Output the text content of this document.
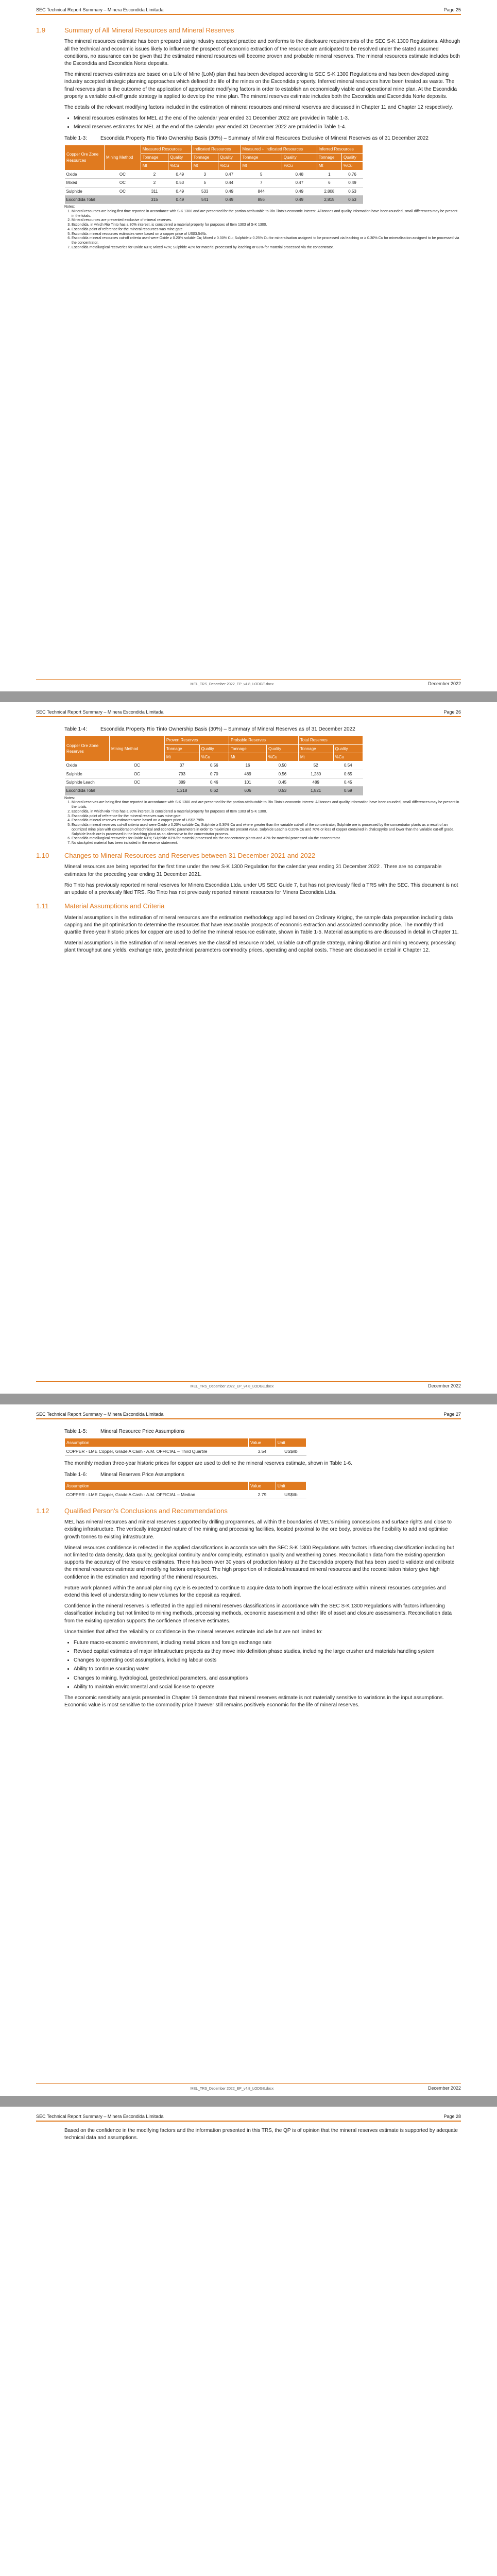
SEC Technical Report Summary – Minera Escondida Limitada	Page 25
1.9	Summary of All Mineral Resources and Mineral Reserves

The mineral resources estimate has been prepared using industry accepted practice and conforms to the disclosure requirements of the SEC S-K 1300 Regulations. Although all the technical and economic issues likely to influence the prospect of economic extraction of the resource are anticipated to be resolved under the stated assumed conditions, no assurance can be given that the estimated mineral resources will become proven and probable mineral reserves. The mineral resources estimate includes both the Escondida and Escondida Norte deposits.

The mineral reserves estimates are based on a Life of Mine (LoM) plan that has been developed according to SEC S-K 1300 Regulations and has been developed using industry accepted strategic planning approaches which defined the life of the mines on the Escondida property. Inferred mineral resources have been treated as waste. The final reserves plan is the outcome of the application of appropriate modifying factors in order to establish an economically viable and operational mine plan. At the Escondida property a variable cut-off grade strategy is applied to develop the mine plan. The mineral reserves estimate includes both the Escondida and Escondida Norte deposits.

The details of the relevant modifying factors included in the estimation of mineral resources and mineral reserves are discussed in Chapter 11 and Chapter 12 respectively.

• Mineral resources estimates for MEL at the end of the calendar year ended 31 December 2022 are provided in Table 1-3.
• Mineral reserves estimates for MEL at the end of the calendar year ended 31 December 2022 are provided in Table 1-4.
Table 1-3:	Escondida Property Rio Tinto Ownership Basis (30%) – Summary of Mineral Resources Exclusive of Mineral Reserves as of 31 December 2022
Copper Ore Zone Resources	Mining Method	Measured Resources		Indicated Resources		Measured + Indicated Resources		Inferred Resources	
		Tonnage	Quality	Tonnage	Quality	Tonnage	Quality	Tonnage	Quality
		Mt	%Cu	Mt	%Cu	Mt	%Cu	Mt	%Cu
Oxide	OC	2	0.49	3	0.47	5	0.48	1	0.76
Mixed	OC	2	0.53	5	0.44	7	0.47	6	0.49
Sulphide	OC	311	0.49	533	0.49	844	0.49	2,808	0.53
Escondida Total		315	0.49	541	0.49	856	0.49	2,815	0.53
Notes:
1. Mineral resources are being first time reported in accordance with S-K 1300 and are presented for the portion attributable to Rio Tinto's economic interest. All tonnes and quality information have been rounded, small differences may be present in the totals.
2. Mineral resources are presented exclusive of mineral reserves.
3. Escondida, in which Rio Tinto has a 30% interest, is considered a material property for purposes of Item 1303 of S-K 1300.
4. Escondida point of reference for the mineral resources was mine gate.
5. Escondida mineral resources estimates were based on a copper price of US$3.54/lb.
6. Escondida mineral resources cut-off criteria used were Oxide ≥ 0.20% soluble Cu; Mixed ≥ 0.30% Cu; Sulphide ≥ 0.25% Cu for mineralisation assigned to be processed via leaching or ≥ 0.30% Cu for mineralisation assigned to be processed via the concentrator.
7. Escondida metallurgical recoveries for Oxide 63%; Mixed 42%; Sulphide 42% for material processed by leaching or 83% for material processed via the concentrator.
MEL_TRS_December 2022_EP_v4.8_LODGE.docx	December 2022
SEC Technical Report Summary – Minera Escondida Limitada	Page 26
Table 1-4:	Escondida Property Rio Tinto Ownership Basis (30%) – Summary of Mineral Reserves as of 31 December 2022
Copper Ore Zone Reserves	Mining Method	Proven Reserves		Probable Reserves		Total Reserves	
		Tonnage	Quality	Tonnage	Quality	Tonnage	Quality
		Mt	%Cu	Mt	%Cu	Mt	%Cu
Oxide	OC	37	0.56	16	0.50	52	0.54
Sulphide	OC	793	0.70	489	0.56	1,280	0.65
Sulphide Leach	OC	389	0.46	101	0.45	489	0.45
Escondida Total		1,218	0.62	606	0.53	1,821	0.59
Notes:
1. Mineral reserves are being first time reported in accordance with S-K 1300 and are presented for the portion attributable to Rio Tinto's economic interest. All tonnes and quality information have been rounded, small differences may be present in the totals.
2. Escondida, in which Rio Tinto has a 30% interest, is considered a material property for purposes of Item 1303 of S-K 1300.
3. Escondida point of reference for the mineral reserves was mine gate.
4. Escondida mineral reserves estimates were based on a copper price of US$2.79/lb.
5. Escondida mineral reserves cut-off criteria used were Oxide ≥ 0.20% soluble Cu; Sulphide ≥ 0.30% Cu and where greater than the variable cut-off of the concentrator; Sulphide ore is processed by the concentrator plants as a result of an optimized mine plan with consideration of technical and economic parameters in order to maximize net present value. Sulphide Leach ≥ 0.20% Cu and 70% or less of copper contained in chalcopyrite and lower than the variable cut-off grade. Sulphide leach ore is processed in the leaching plant as an alternative to the concentrator process.
6. Escondida metallurgical recoveries for Oxide 63%; Sulphide 83% for material processed via the concentrator plants and 42% for material processed via the concentrator.
7. No stockpiled material has been included in the reserve statement.
1.10	Changes to Mineral Resources and Reserves between 31 December 2021 and 2022

Mineral resources are being reported for the first time under the new S-K 1300 Regulation for the calendar year ending 31 December 2022 . There are no comparable estimates for the preceding year ending 31 December 2021.

Rio Tinto has previously reported mineral reserves for Minera Escondida Ltda. under US SEC Guide 7, but has not previously filed a TRS with the SEC. This document is not an update of a previously filed TRS. Rio Tinto has not previously reported mineral resources for Minera Escondida Ltda.

1.11	Material Assumptions and Criteria

Material assumptions in the estimation of mineral resources are the estimation methodology applied based on Ordinary Kriging, the sample data preparation including data capping and the pit optimisation to determine the resources that have reasonable prospects of economic extraction and associated commodity price. The monthly third quartile three-year historic prices for copper are used to define the mineral resource estimate, shown in Table 1-5. Material assumptions are discussed in detail in Chapter 11.

Material assumptions in the estimation of mineral reserves are the classified resource model, variable cut-off grade strategy, mining dilution and mining recovery, processing plant throughput and yields, exchange rate, geotechnical parameters commodity prices, operating and capital costs. These are discussed in detail in Chapter 12.

MEL_TRS_December 2022_EP_v4.8_LODGE.docx	December 2022
SEC Technical Report Summary – Minera Escondida Limitada	Page 27
Table 1-5:	Mineral Resource Price Assumptions
Assumption	Value	Unit
COPPER - LME Copper, Grade A Cash - A.M. OFFICIAL – Third Quartile	3.54	US$/lb

The monthly median three-year historic prices for copper are used to define the mineral reserves estimate, shown in Table 1-6.

Table 1-6:	Mineral Reserves Price Assumptions
Assumption	Value	Unit
COPPER - LME Copper, Grade A Cash - A.M. OFFICIAL – Median	2.79	US$/lb
1.12	Qualified Person's Conclusions and Recommendations

MEL has mineral resources and mineral reserves supported by drilling programmes, all within the boundaries of MEL's mining concessions and surface rights and close to existing infrastructure. The vertically integrated nature of the mining and processing facilities, located proximal to the ore body, provides the flexibility to add and optimise growth tonnes to existing infrastructure.

Mineral resources confidence is reflected in the applied classifications in accordance with the SEC S-K 1300 Regulations with factors influencing classification including but not limited to data density, data quality, geological continuity and/or complexity, estimation quality and weathering zones. Reconciliation data from the existing operation supports the accuracy of the resource estimates. There has been over 30 years of production history at the Escondida property that has been used to validate and calibrate the mineral resources estimate and modifying factors employed. The high proportion of indicated/measured mineral resources and the reconciliation history give high confidence in the estimation and reporting of the mineral resources.

Future work planned within the annual planning cycle is expected to continue to acquire data to both improve the local estimate within mineral resources categories and extend this level of understanding to new volumes for the deposit as required.

Confidence in the mineral reserves is reflected in the applied mineral reserves classifications in accordance with the SEC S-K 1300 Regulations with factors influencing classification including but not limited to mining methods, processing methods, economic assessment and other life of asset and closure assessments. Reconciliation data from the existing operation supports the confidence of reserve estimates.

Uncertainties that affect the reliability or confidence in the mineral reserves estimate include but are not limited to:

• Future macro-economic environment, including metal prices and foreign exchange rate
• Revised capital estimates of major infrastructure projects as they move into definition phase studies, including the large crusher and materials handling system
• Changes to operating cost assumptions, including labour costs
• Ability to continue sourcing water
• Changes to mining, hydrological, geotechnical parameters, and assumptions
• Ability to maintain environmental and social license to operate

The economic sensitivity analysis presented in Chapter 19 demonstrate that mineral reserves estimate is not materially sensitive to variations in the input assumptions. Economic value is most sensitive to the commodity price however still remains positively economic for the life of mineral reserves.

MEL_TRS_December 2022_EP_v4.8_LODGE.docx	December 2022
SEC Technical Report Summary – Minera Escondida Limitada	Page 28

Based on the confidence in the modifying factors and the information presented in this TRS, the QP is of opinion that the mineral reserves estimate is supported by adequate technical data and assumptions.
